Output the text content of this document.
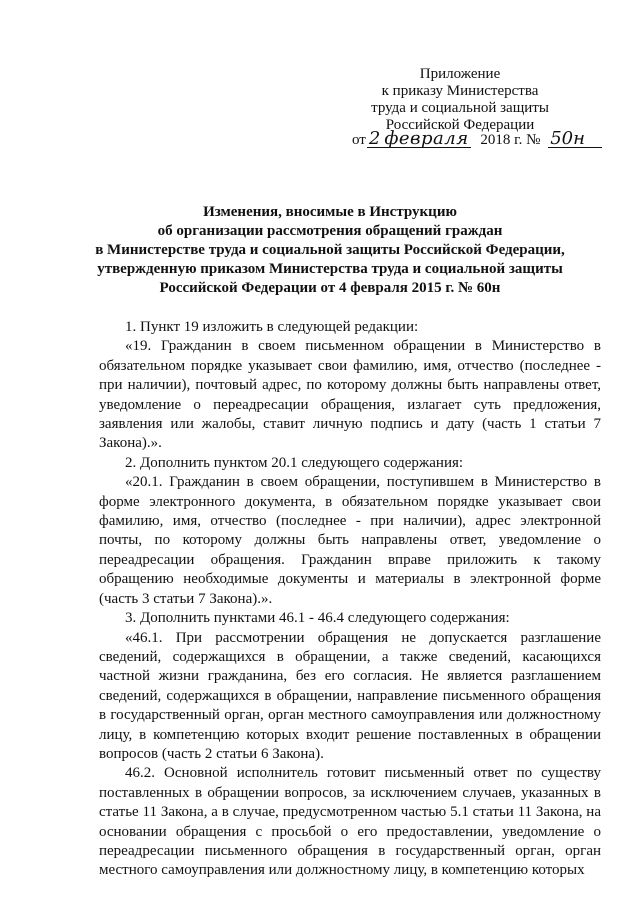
Приложение
к приказу Министерства
труда и социальной защиты
Российской Федерации
от 2 февраля 2018 г. № 50н
Изменения, вносимые в Инструкцию
об организации рассмотрения обращений граждан
в Министерстве труда и социальной защиты Российской Федерации,
утвержденную приказом Министерства труда и социальной защиты
Российской Федерации от 4 февраля 2015 г. № 60н

1. Пункт 19 изложить в следующей редакции:

«19. Гражданин в своем письменном обращении в Министерство в обязательном порядке указывает свои фамилию, имя, отчество (последнее - при наличии), почтовый адрес, по которому должны быть направлены ответ, уведомление о переадресации обращения, излагает суть предложения, заявления или жалобы, ставит личную подпись и дату (часть 1 статьи 7 Закона).».

2. Дополнить пунктом 20.1 следующего содержания:

«20.1. Гражданин в своем обращении, поступившем в Министерство в форме электронного документа, в обязательном порядке указывает свои фамилию, имя, отчество (последнее - при наличии), адрес электронной почты, по которому должны быть направлены ответ, уведомление о переадресации обращения. Гражданин вправе приложить к такому обращению необходимые документы и материалы в электронной форме (часть 3 статьи 7 Закона).».

3. Дополнить пунктами 46.1 - 46.4 следующего содержания:

«46.1. При рассмотрении обращения не допускается разглашение сведений, содержащихся в обращении, а также сведений, касающихся частной жизни гражданина, без его согласия. Не является разглашением сведений, содержащихся в обращении, направление письменного обращения в государственный орган, орган местного самоуправления или должностному лицу, в компетенцию которых входит решение поставленных в обращении вопросов (часть 2 статьи 6 Закона).

46.2. Основной исполнитель готовит письменный ответ по существу поставленных в обращении вопросов, за исключением случаев, указанных в статье 11 Закона, а в случае, предусмотренном частью 5.1 статьи 11 Закона, на основании обращения с просьбой о его предоставлении, уведомление о переадресации письменного обращения в государственный орган, орган местного самоуправления или должностному лицу, в компетенцию которых
